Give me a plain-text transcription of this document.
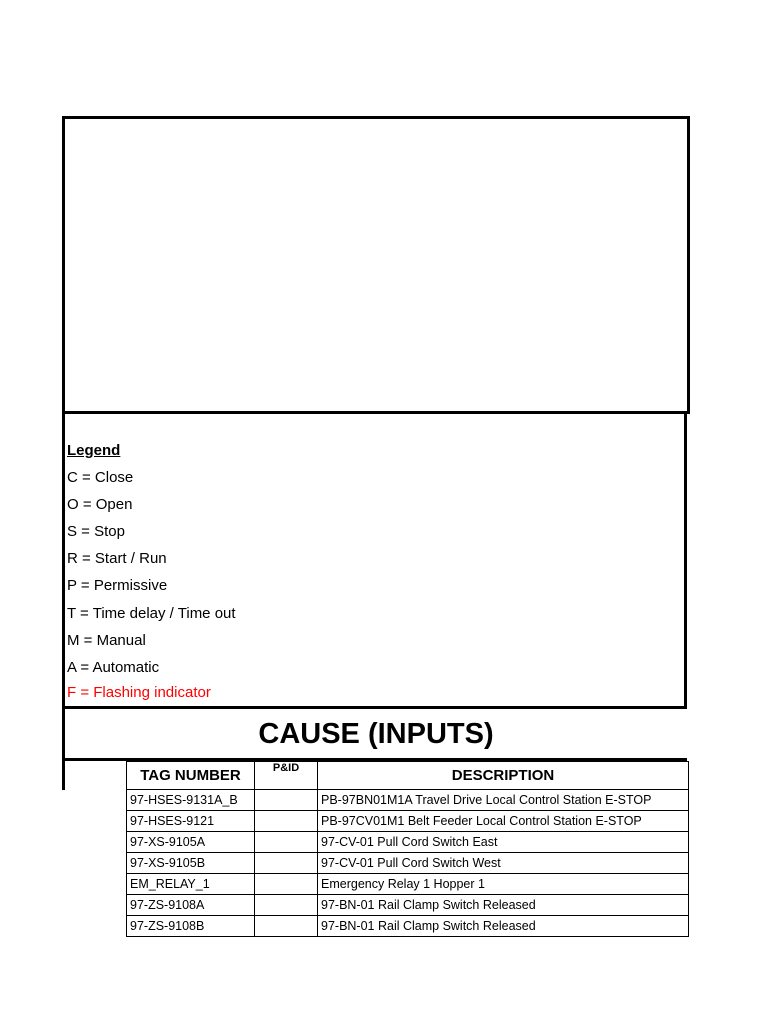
Legend
C = Close
O = Open
S = Stop
R = Start / Run
P = Permissive
T = Time delay / Time out
M = Manual
A = Automatic
F = Flashing indicator
CAUSE (INPUTS)
TAG NUMBER	P&ID	DESCRIPTION
97-HSES-9131A_B		PB-97BN01M1A Travel Drive Local Control Station E-STOP
97-HSES-9121		PB-97CV01M1 Belt Feeder Local Control Station E-STOP
97-XS-9105A		97-CV-01 Pull Cord Switch East
97-XS-9105B		97-CV-01 Pull Cord Switch West
EM_RELAY_1		Emergency Relay 1 Hopper 1
97-ZS-9108A		97-BN-01 Rail Clamp Switch Released
97-ZS-9108B		97-BN-01 Rail Clamp Switch Released
